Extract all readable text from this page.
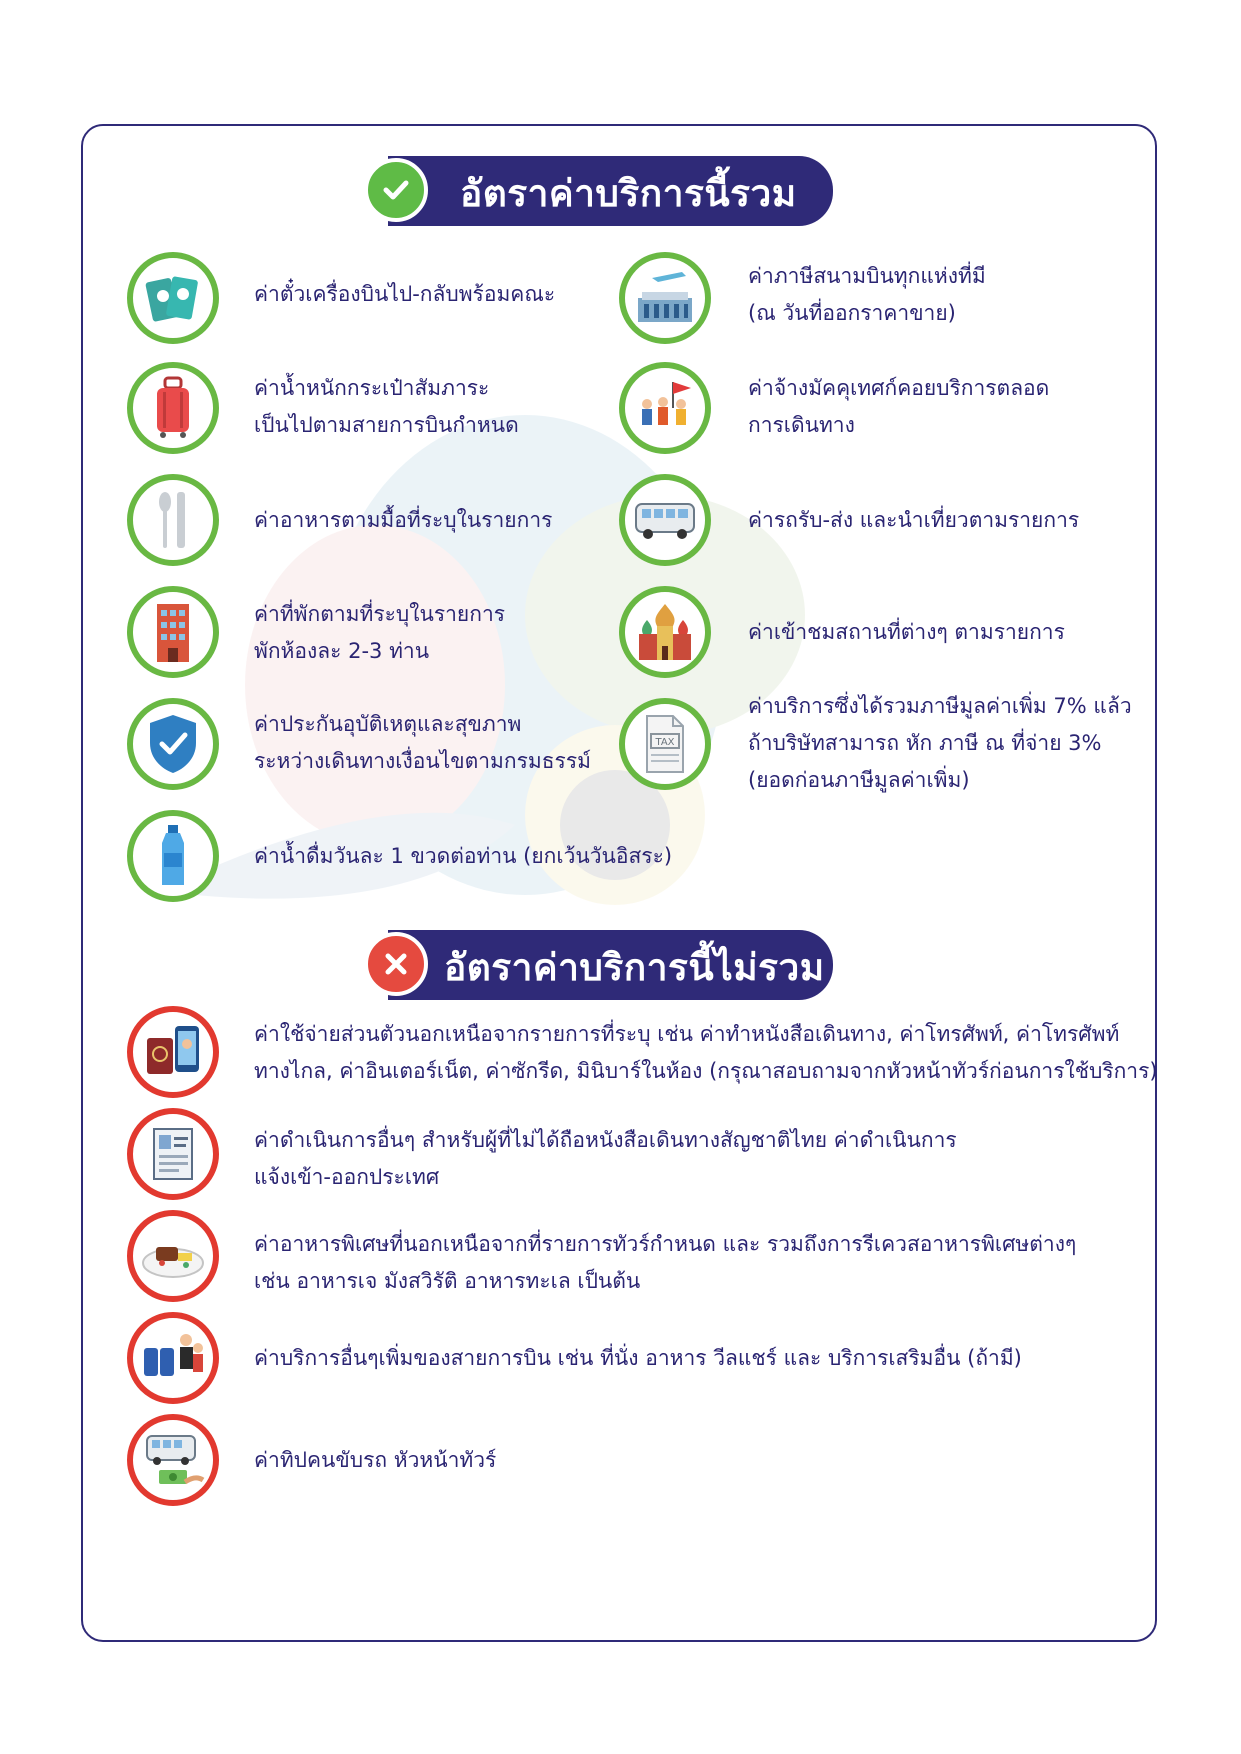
อัตราค่าบริการนี้รวม
ค่าตั๋วเครื่องบินไป-กลับพร้อมคณะ
ค่าภาษีสนามบินทุกแห่งที่มี
(ณ วันที่ออกราคาขาย)
ค่าน้ำหนักกระเป๋าสัมภาระ
เป็นไปตามสายการบินกำหนด
ค่าจ้างมัคคุเทศก์คอยบริการตลอด
การเดินทาง
ค่าอาหารตามมื้อที่ระบุในรายการ	ค่ารถรับ-ส่ง และนำเที่ยวตามรายการ
ค่าที่พักตามที่ระบุในรายการ
พักห้องละ 2-3 ท่าน
ค่าเข้าชมสถานที่ต่างๆ ตามรายการ
ค่าประกันอุบัติเหตุและสุขภาพ
ระหว่างเดินทางเงื่อนไขตามกรมธรรม์
TAX
ค่าบริการซึ่งได้รวมภาษีมูลค่าเพิ่ม 7% แล้ว
ถ้าบริษัทสามารถ หัก ภาษี ณ ที่จ่าย 3%
(ยอดก่อนภาษีมูลค่าเพิ่ม)
ค่าน้ำดื่มวันละ 1 ขวดต่อท่าน (ยกเว้นวันอิสระ)
อัตราค่าบริการนี้ไม่รวม
ค่าใช้จ่ายส่วนตัวนอกเหนือจากรายการที่ระบุ เช่น ค่าทำหนังสือเดินทาง, ค่าโทรศัพท์, ค่าโทรศัพท์
ทางไกล, ค่าอินเตอร์เน็ต, ค่าซักรีด, มินิบาร์ในห้อง (กรุณาสอบถามจากหัวหน้าทัวร์ก่อนการใช้บริการ)
ค่าดำเนินการอื่นๆ สำหรับผู้ที่ไม่ได้ถือหนังสือเดินทางสัญชาติไทย ค่าดำเนินการ
แจ้งเข้า-ออกประเทศ
ค่าอาหารพิเศษที่นอกเหนือจากที่รายการทัวร์กำหนด และ รวมถึงการรีเควสอาหารพิเศษต่างๆ
เช่น อาหารเจ มังสวิรัติ อาหารทะเล เป็นต้น
ค่าบริการอื่นๆเพิ่มของสายการบิน เช่น ที่นั่ง อาหาร วีลแชร์ และ บริการเสริมอื่น (ถ้ามี)
ค่าทิปคนขับรถ หัวหน้าทัวร์
